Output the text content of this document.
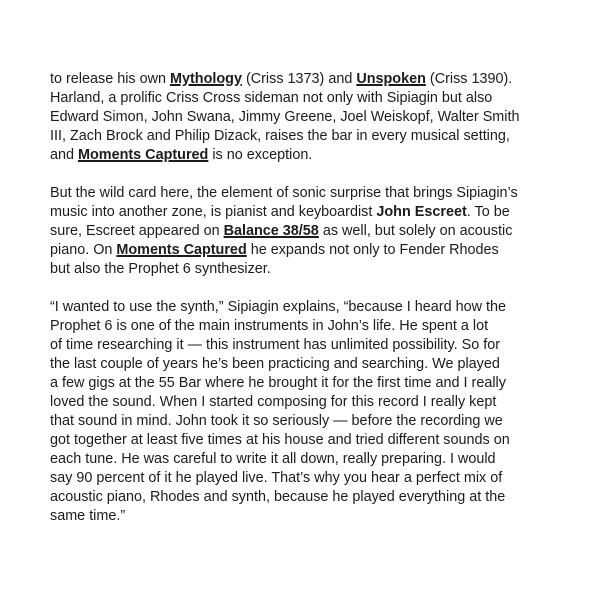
to release his own Mythology (Criss 1373) and Unspoken (Criss 1390).
Harland, a prolific Criss Cross sideman not only with Sipiagin but also
Edward Simon, John Swana, Jimmy Greene, Joel Weiskopf, Walter Smith
III, Zach Brock and Philip Dizack, raises the bar in every musical setting,
and Moments Captured is no exception.
But the wild card here, the element of sonic surprise that brings Sipiagin’s
music into another zone, is pianist and keyboardist John Escreet. To be
sure, Escreet appeared on Balance 38/58 as well, but solely on acoustic
piano. On Moments Captured he expands not only to Fender Rhodes
but also the Prophet 6 synthesizer.
“I wanted to use the synth,” Sipiagin explains, “because I heard how the
Prophet 6 is one of the main instruments in John’s life. He spent a lot
of time researching it — this instrument has unlimited possibility. So for
the last couple of years he’s been practicing and searching. We played
a few gigs at the 55 Bar where he brought it for the first time and I really
loved the sound. When I started composing for this record I really kept
that sound in mind. John took it so seriously — before the recording we
got together at least five times at his house and tried different sounds on
each tune. He was careful to write it all down, really preparing. I would
say 90 percent of it he played live. That’s why you hear a perfect mix of
acoustic piano, Rhodes and synth, because he played everything at the
same time.”
